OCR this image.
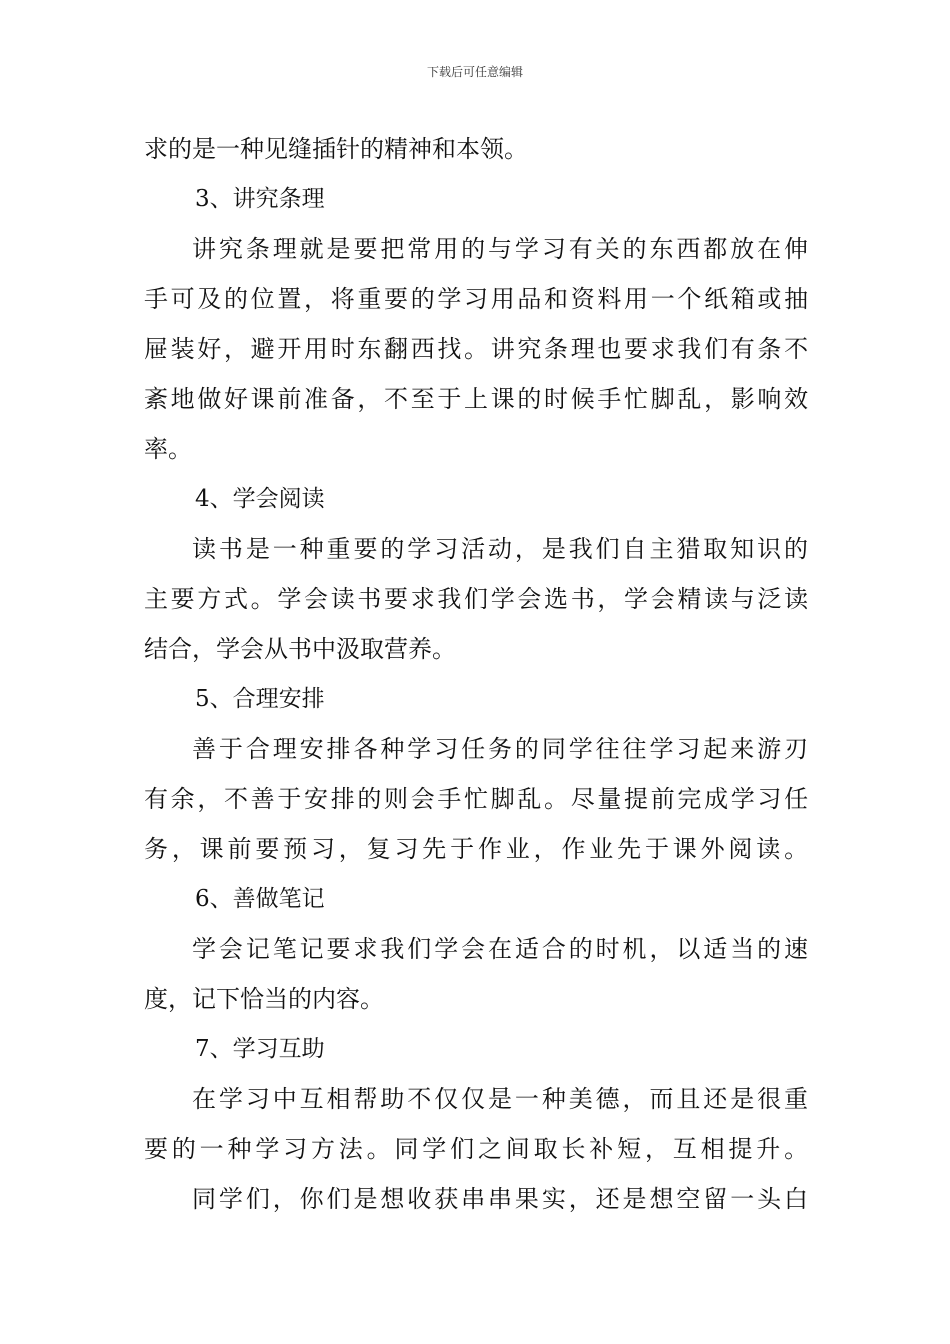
下载后可任意编辑
求的是一种见缝插针的精神和本领。
3、讲究条理
讲究条理就是要把常用的与学习有关的东西都放在伸
手可及的位置，将重要的学习用品和资料用一个纸箱或抽
屉装好，避开用时东翻西找。讲究条理也要求我们有条不
紊地做好课前准备，不至于上课的时候手忙脚乱，影响效
率。
4、学会阅读
读书是一种重要的学习活动，是我们自主猎取知识的
主要方式。学会读书要求我们学会选书，学会精读与泛读
结合，学会从书中汲取营养。
5、合理安排
善于合理安排各种学习任务的同学往往学习起来游刃
有余，不善于安排的则会手忙脚乱。尽量提前完成学习任
务，课前要预习，复习先于作业，作业先于课外阅读。
6、善做笔记
学会记笔记要求我们学会在适合的时机，以适当的速
度，记下恰当的内容。
7、学习互助
在学习中互相帮助不仅仅是一种美德，而且还是很重
要的一种学习方法。同学们之间取长补短，互相提升。
同学们，你们是想收获串串果实，还是想空留一头白
